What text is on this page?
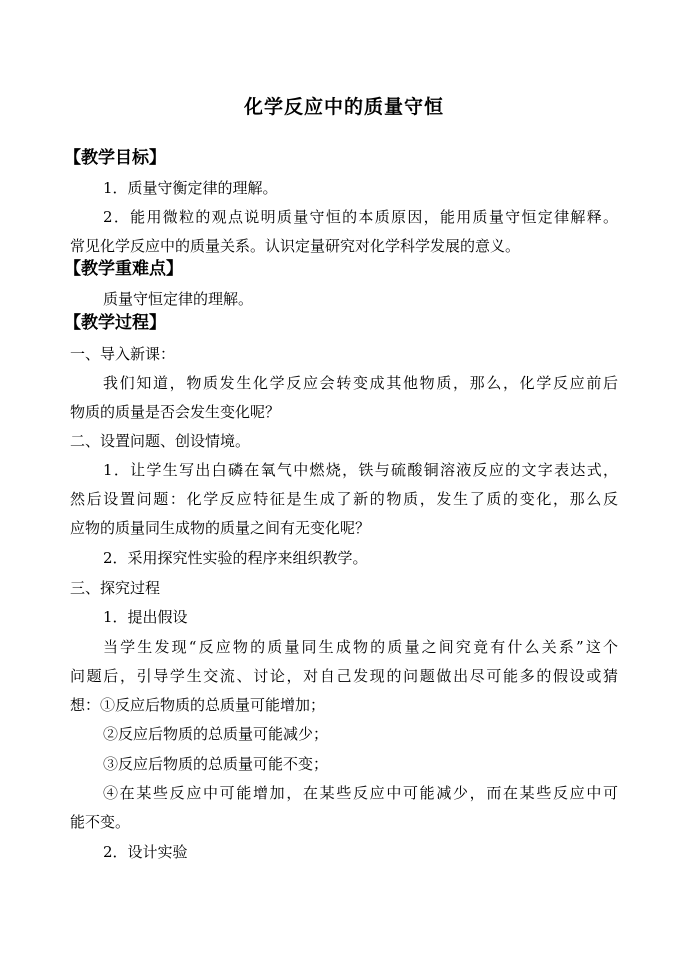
化学反应中的质量守恒
【教学目标】
1．质量守衡定律的理解。
2．能用微粒的观点说明质量守恒的本质原因，能用质量守恒定律解释。
常见化学反应中的质量关系。认识定量研究对化学科学发展的意义。
【教学重难点】
质量守恒定律的理解。
【教学过程】
一、导入新课：
我们知道，物质发生化学反应会转变成其他物质，那么，化学反应前后
物质的质量是否会发生变化呢？
二、设置问题、创设情境。
1．让学生写出白磷在氧气中燃烧，铁与硫酸铜溶液反应的文字表达式，
然后设置问题：化学反应特征是生成了新的物质，发生了质的变化，那么反
应物的质量同生成物的质量之间有无变化呢？
2．采用探究性实验的程序来组织教学。
三、探究过程
1．提出假设
当学生发现“反应物的质量同生成物的质量之间究竟有什么关系”这个
问题后，引导学生交流、讨论，对自己发现的问题做出尽可能多的假设或猜
想：①反应后物质的总质量可能增加；
②反应后物质的总质量可能减少；
③反应后物质的总质量可能不变；
④在某些反应中可能增加，在某些反应中可能减少，而在某些反应中可
能不变。
2．设计实验
